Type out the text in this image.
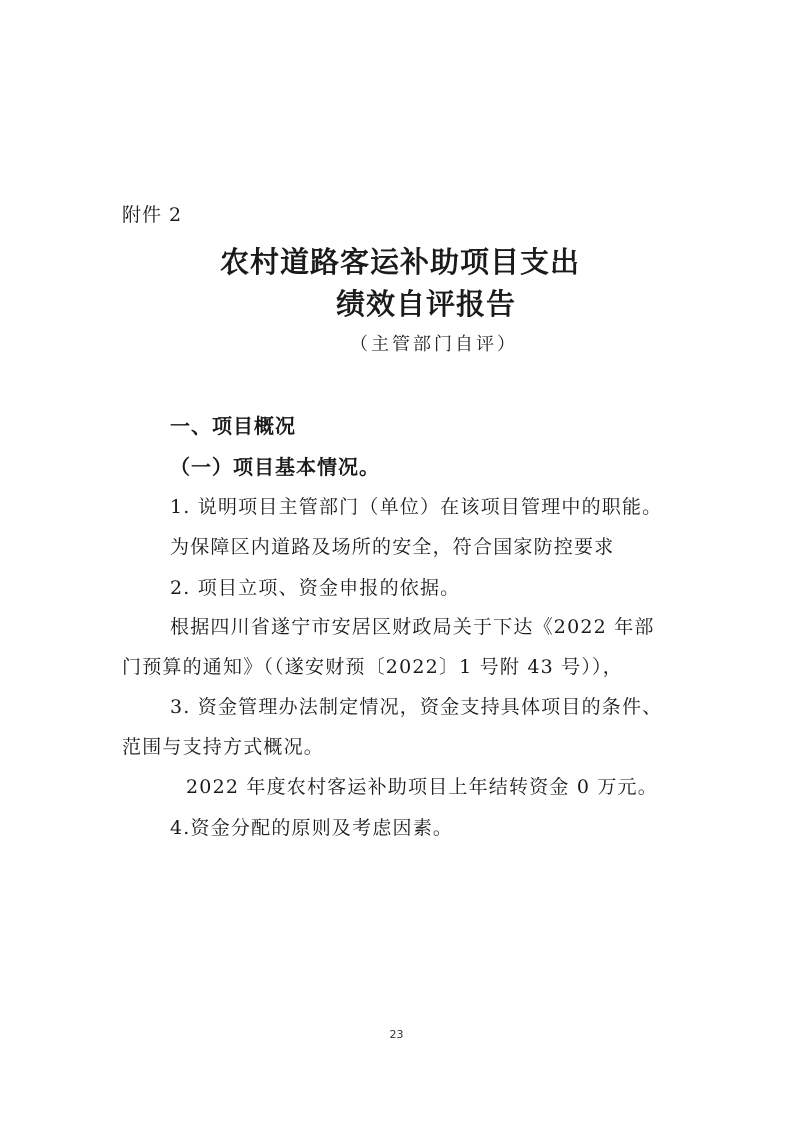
附件 2

农村道路客运补助项目支出
绩效自评报告

（主管部门自评）

一、项目概况
（一）项目基本情况。

1. 说明项目主管部门（单位）在该项目管理中的职能。

为保障区内道路及场所的安全，符合国家防控要求

2. 项目立项、资金申报的依据。

根据四川省遂宁市安居区财政局关于下达《2022 年部

门预算的通知》（（遂安财预〔2022〕1 号附 43 号）），

3. 资金管理办法制定情况，资金支持具体项目的条件、

范围与支持方式概况。

2022 年度农村客运补助项目上年结转资金 0 万元。

4.资金分配的原则及考虑因素。

23
